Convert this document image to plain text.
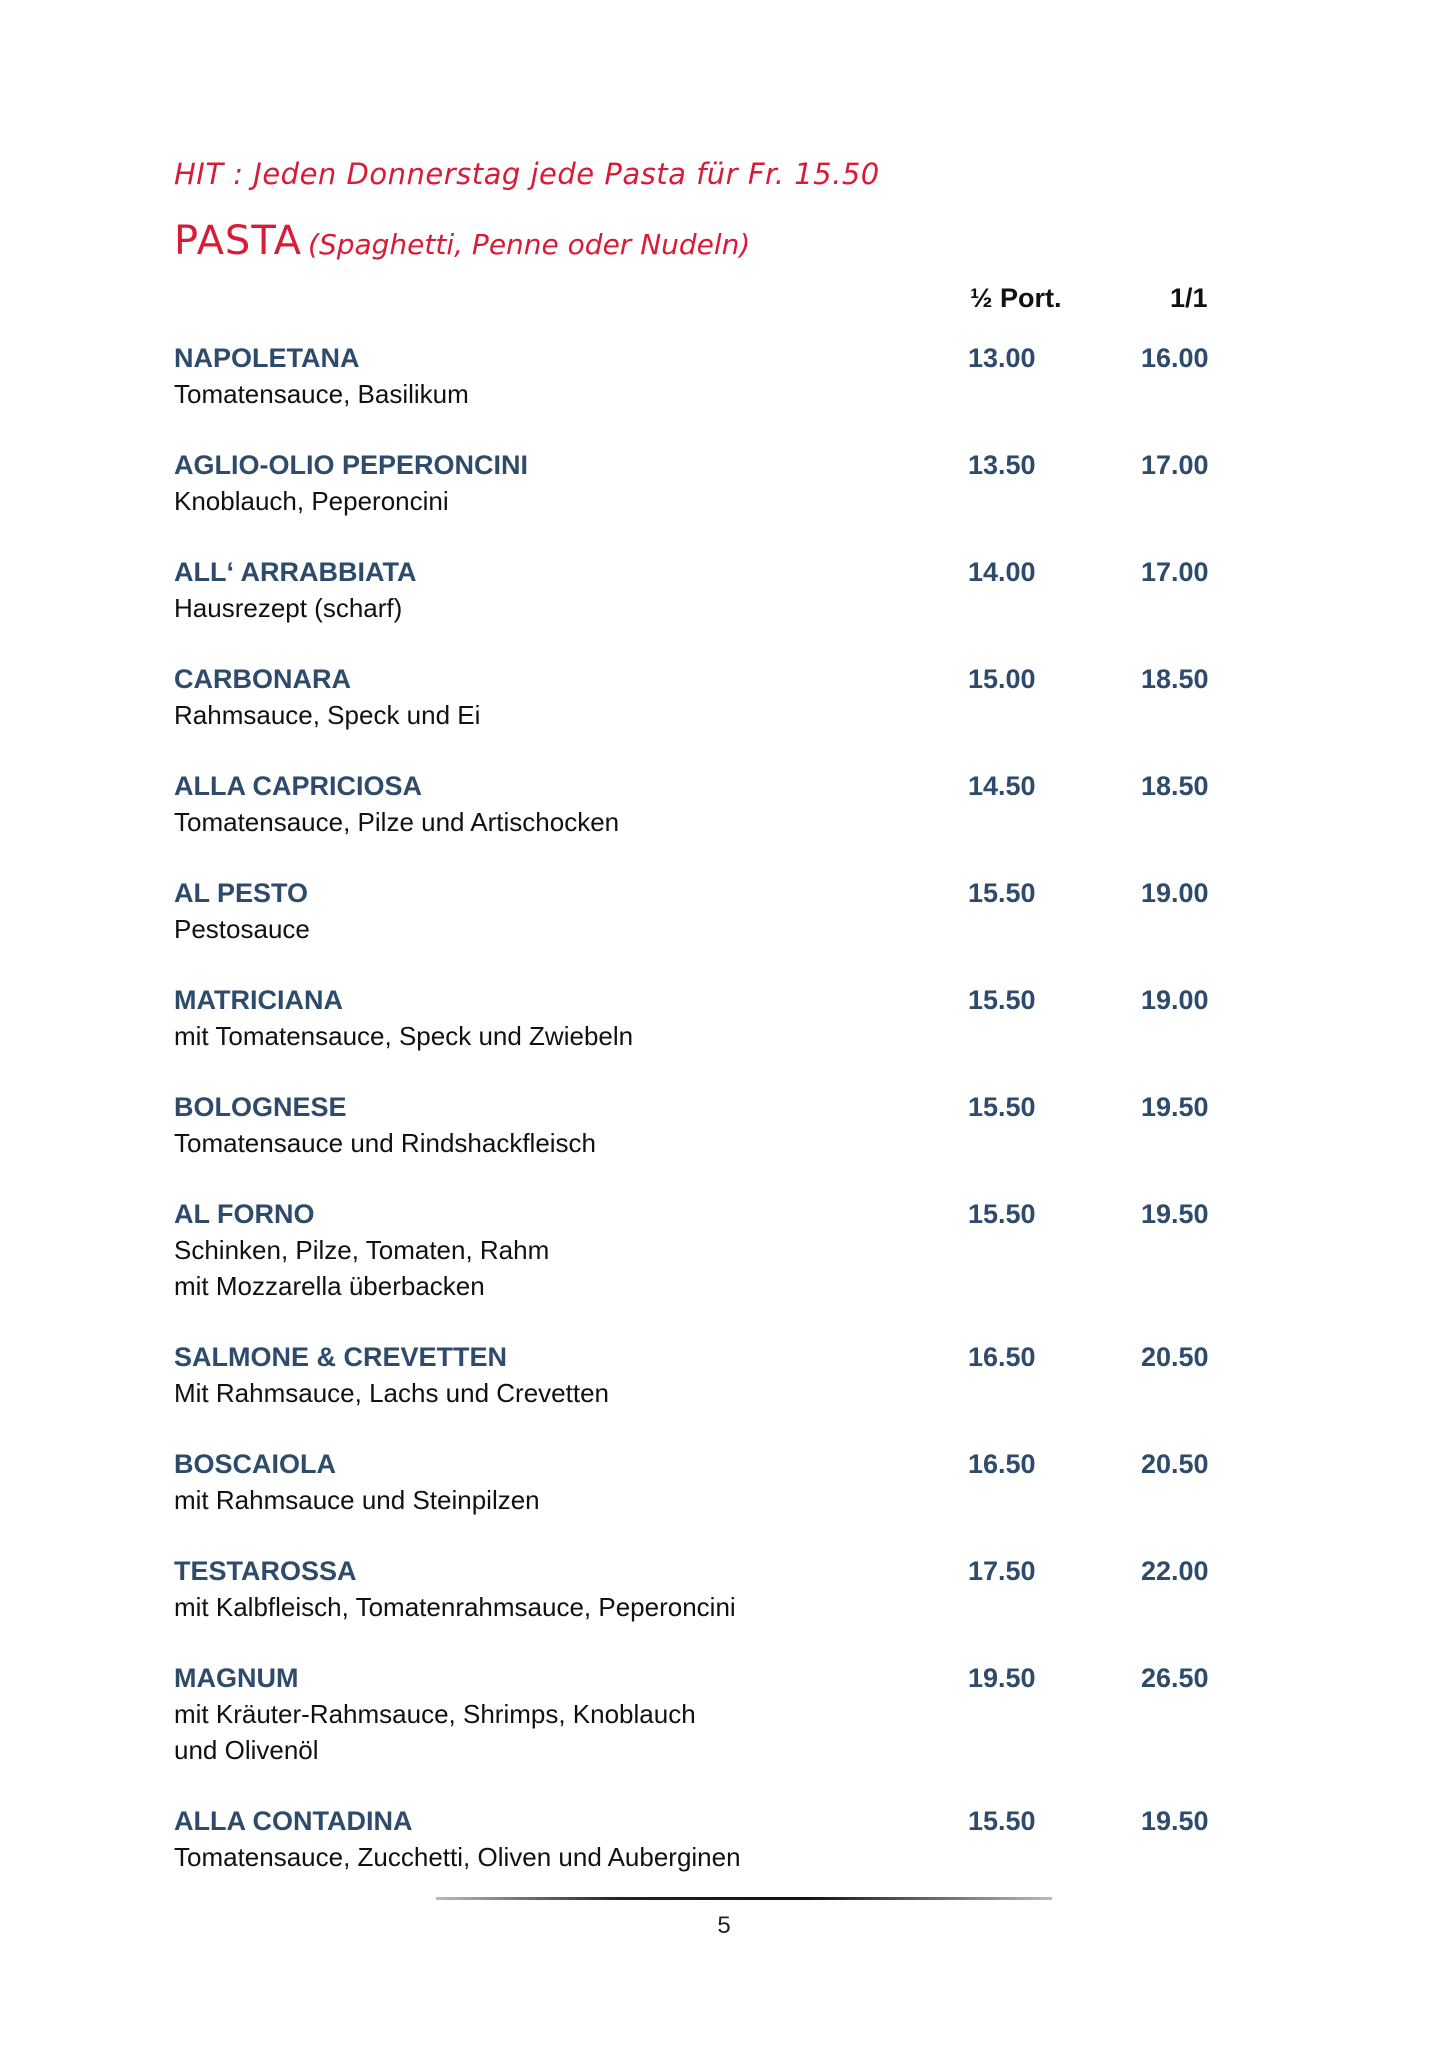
HIT : Jeden Donnerstag jede Pasta für Fr. 15.50
PASTA (Spaghetti, Penne oder Nudeln)
½ Port.	1/1
NAPOLETANA
Tomatensauce, Basilikum
13.00	16.00
AGLIO-OLIO PEPERONCINI
Knoblauch, Peperoncini
13.50	17.00
ALL‘ ARRABBIATA
Hausrezept (scharf)
14.00	17.00
CARBONARA
Rahmsauce, Speck und Ei
15.00	18.50
ALLA CAPRICIOSA
Tomatensauce, Pilze und Artischocken
14.50	18.50
AL PESTO
Pestosauce
15.50	19.00
MATRICIANA
mit Tomatensauce, Speck und Zwiebeln
15.50	19.00
BOLOGNESE
Tomatensauce und Rindshackfleisch
15.50	19.50
AL FORNO
Schinken, Pilze, Tomaten, Rahm
mit Mozzarella überbacken
15.50	19.50
SALMONE & CREVETTEN
Mit Rahmsauce, Lachs und Crevetten
16.50	20.50
BOSCAIOLA
mit Rahmsauce und Steinpilzen
16.50	20.50
TESTAROSSA
mit Kalbfleisch, Tomatenrahmsauce, Peperoncini
17.50	22.00
MAGNUM
mit Kräuter-Rahmsauce, Shrimps, Knoblauch
und Olivenöl
19.50	26.50
ALLA CONTADINA
Tomatensauce, Zucchetti, Oliven und Auberginen
15.50	19.50
5
